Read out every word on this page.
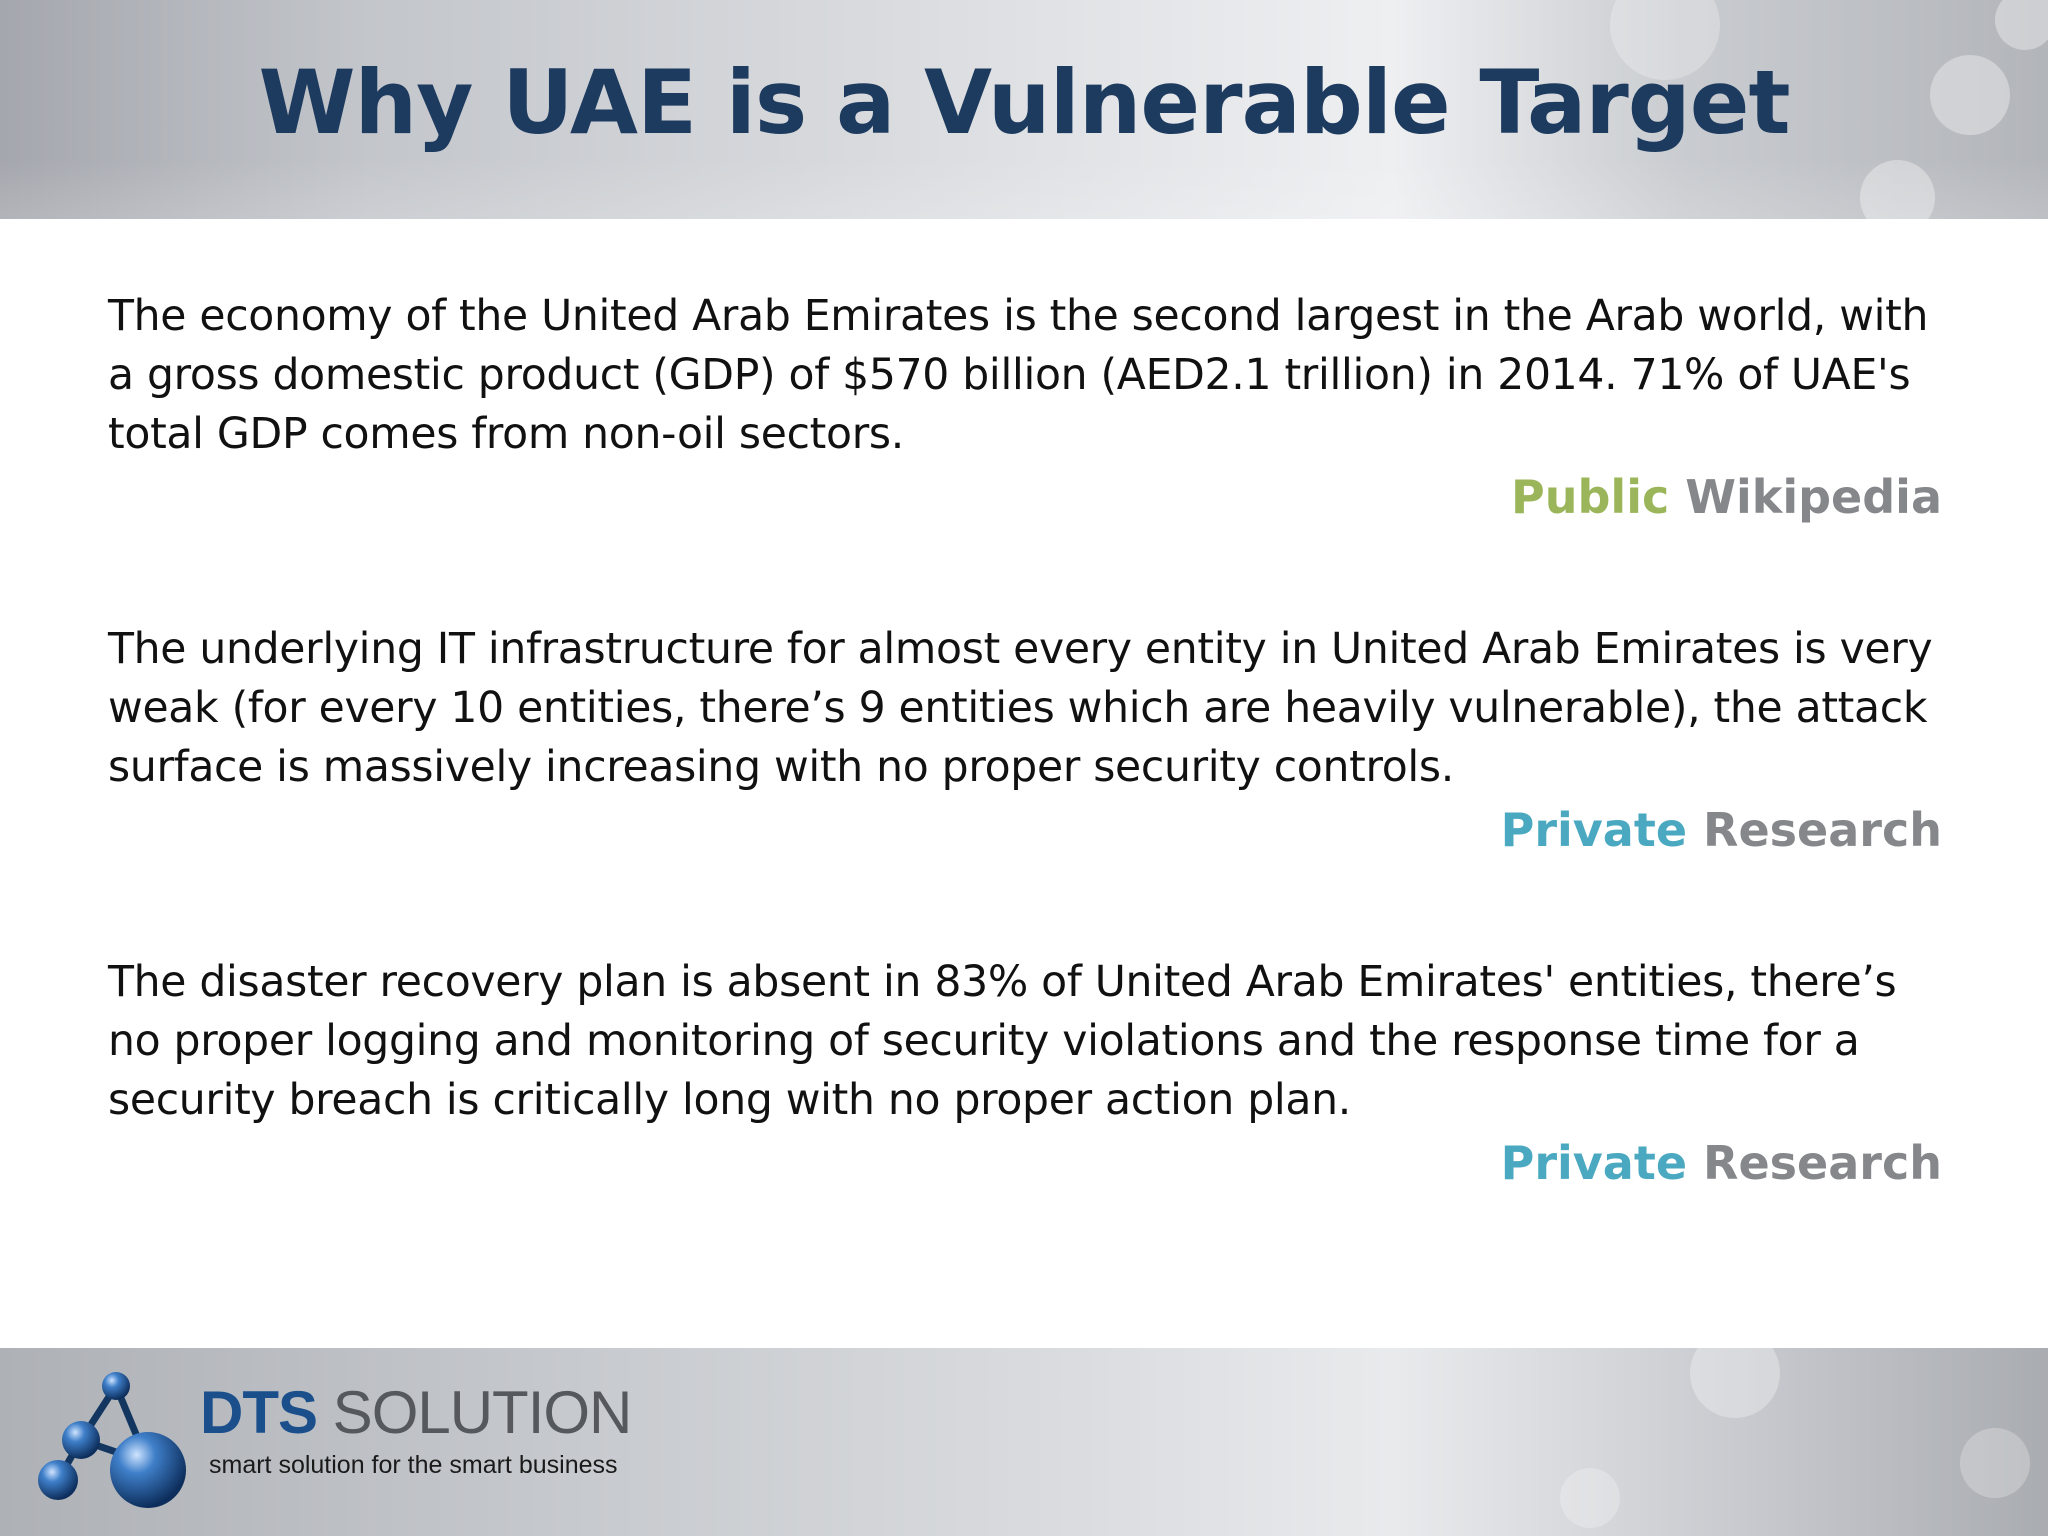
Why UAE is a Vulnerable Target

The economy of the United Arab Emirates is the second largest in the Arab world, with a gross domestic product (GDP) of $570 billion (AED2.1 trillion) in 2014. 71% of UAE's total GDP comes from non-oil sectors.

Public Wikipedia

The underlying IT infrastructure for almost every entity in United Arab Emirates is very weak (for every 10 entities, there’s 9 entities which are heavily vulnerable), the attack surface is massively increasing with no proper security controls.

Private Research

The disaster recovery plan is absent in 83% of United Arab Emirates' entities, there’s no proper logging and monitoring of security violations and the response time for a security breach is critically long with no proper action plan.

Private Research
DTS SOLUTION
smart solution for the smart business
